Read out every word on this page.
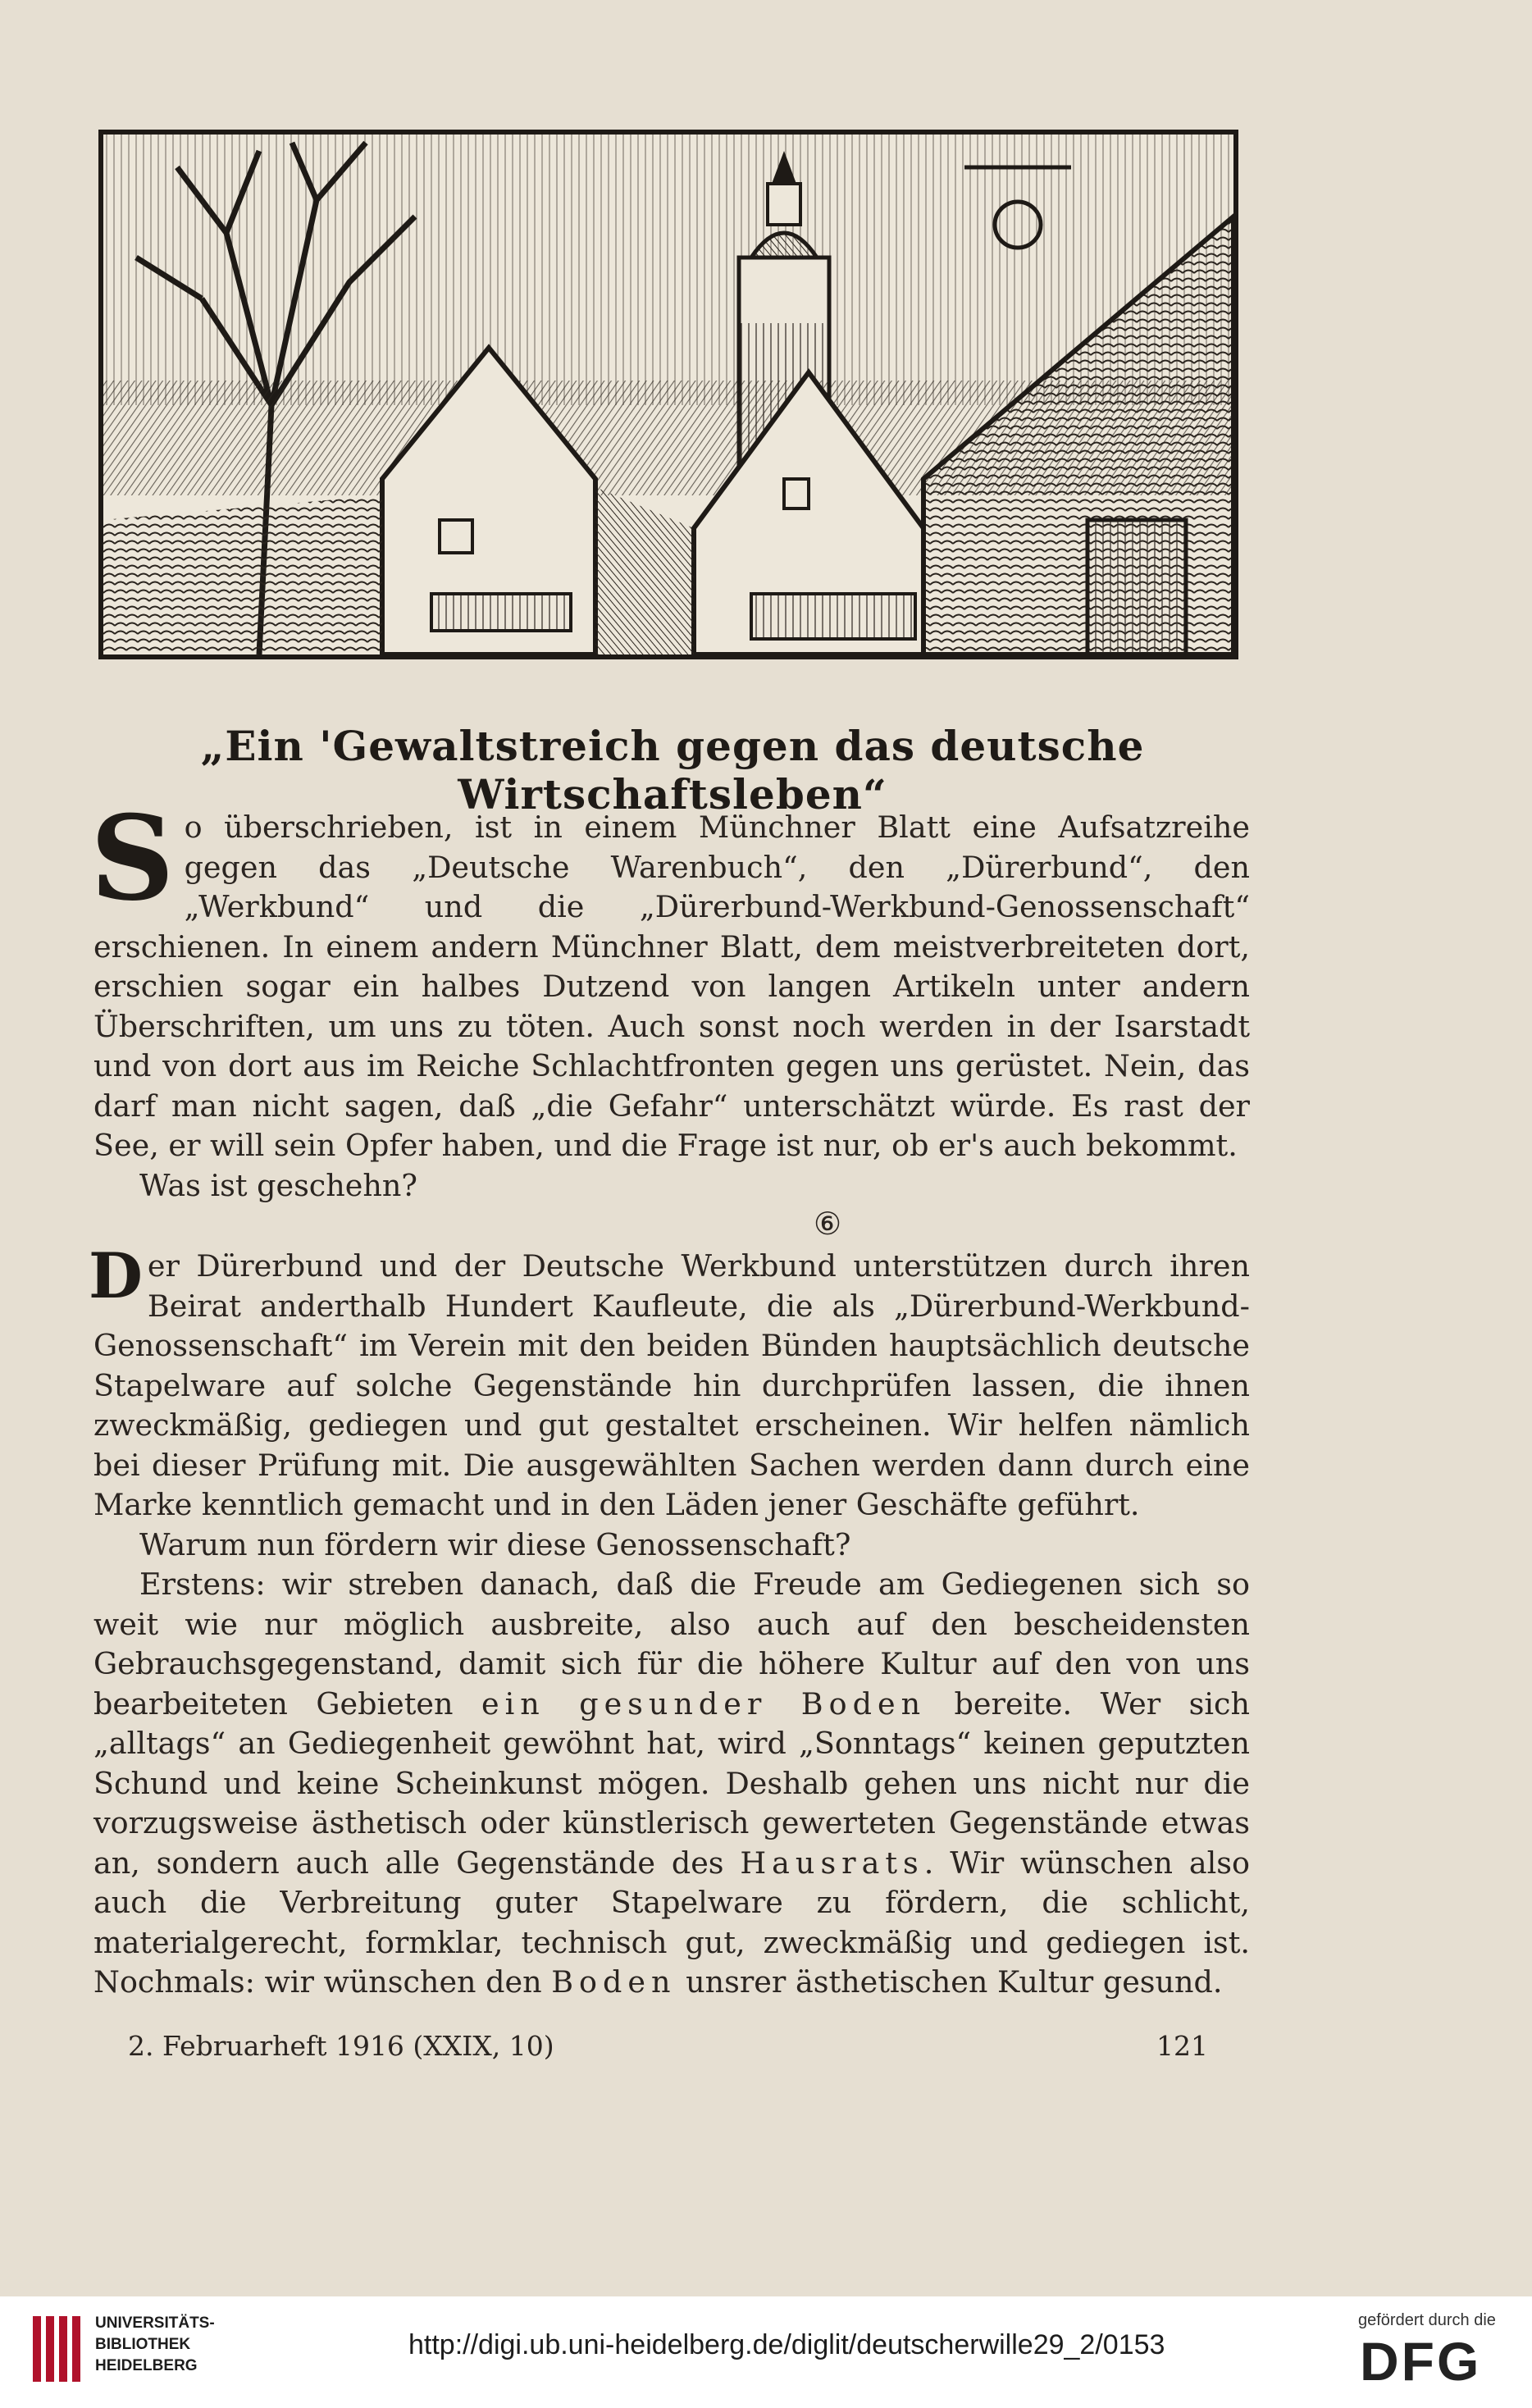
„Ein 'Gewaltstreich gegen das deutsche Wirtschaftsleben“

S o überschrieben, ist in einem Münchner Blatt eine Aufsatzreihe gegen das „Deutsche Warenbuch“, den „Dürerbund“, den „Werkbund“ und die „Dürerbund-Werkbund-Genossenschaft“ erschienen. In einem andern Münchner Blatt, dem meistverbreiteten dort, erschien sogar ein halbes Dutzend von langen Artikeln unter andern Überschriften, um uns zu töten. Auch sonst noch werden in der Isarstadt und von dort aus im Reiche Schlachtfronten gegen uns gerüstet. Nein, das darf man nicht sagen, daß „die Gefahr“ unterschätzt würde. Es rast der See, er will sein Opfer haben, und die Frage ist nur, ob er's auch bekommt.

Was ist geschehn?

⑥

D er Dürerbund und der Deutsche Werkbund unterstützen durch ihren Beirat anderthalb Hundert Kaufleute, die als „Dürerbund-Werkbund-Genossenschaft“ im Verein mit den beiden Bünden hauptsächlich deutsche Stapelware auf solche Gegenstände hin durchprüfen lassen, die ihnen zweckmäßig, gediegen und gut gestaltet erscheinen. Wir helfen nämlich bei dieser Prüfung mit. Die ausgewählten Sachen werden dann durch eine Marke kenntlich gemacht und in den Läden jener Geschäfte geführt.

Warum nun fördern wir diese Genossenschaft?

Erstens: wir streben danach, daß die Freude am Gediegenen sich so weit wie nur möglich ausbreite, also auch auf den bescheidensten Gebrauchsgegenstand, damit sich für die höhere Kultur auf den von uns bearbeiteten Gebieten ein gesunder Boden bereite. Wer sich „alltags“ an Gediegenheit gewöhnt hat, wird „Sonntags“ keinen geputzten Schund und keine Scheinkunst mögen. Deshalb gehen uns nicht nur die vorzugsweise ästhetisch oder künstlerisch gewerteten Gegenstände etwas an, sondern auch alle Gegenstände des Hausrats. Wir wünschen also auch die Verbreitung guter Stapelware zu fördern, die schlicht, materialgerecht, formklar, technisch gut, zweckmäßig und gediegen ist. Nochmals: wir wünschen den Boden unsrer ästhetischen Kultur gesund.

2. Februarheft 1916 (XXIX, 10)	121
UNIVERSITÄTS-
BIBLIOTHEK
HEIDELBERG
http://digi.ub.uni-heidelberg.de/diglit/deutscherwille29_2/0153
gefördert durch die
DFG
